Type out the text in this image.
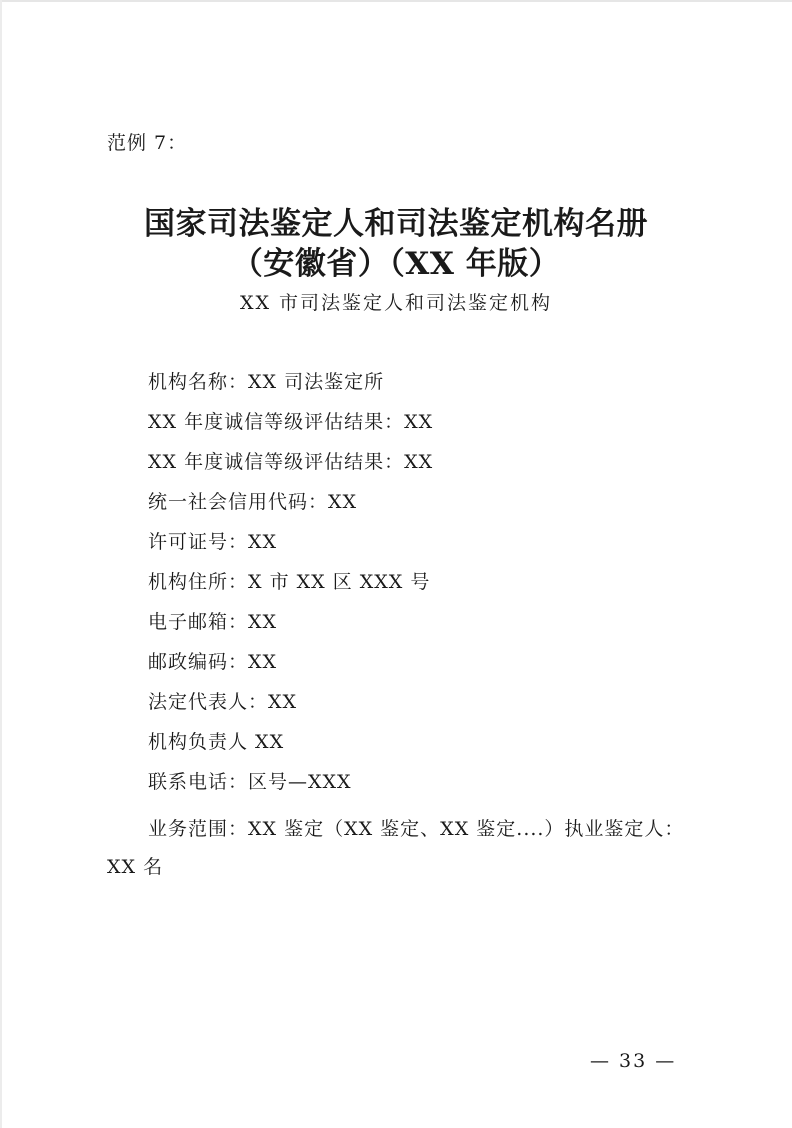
范例 7：
国家司法鉴定人和司法鉴定机构名册
（安徽省）（XX 年版）
XX 市司法鉴定人和司法鉴定机构
机构名称：XX 司法鉴定所
XX 年度诚信等级评估结果：XX
XX 年度诚信等级评估结果：XX
统一社会信用代码：XX
许可证号：XX
机构住所：X 市 XX 区 XXX 号
电子邮箱：XX
邮政编码：XX
法定代表人：XX
机构负责人 XX
联系电话：区号—XXX

业务范围：XX 鉴定（XX 鉴定、XX 鉴定....）执业鉴定人：XX 名

— 33 —
